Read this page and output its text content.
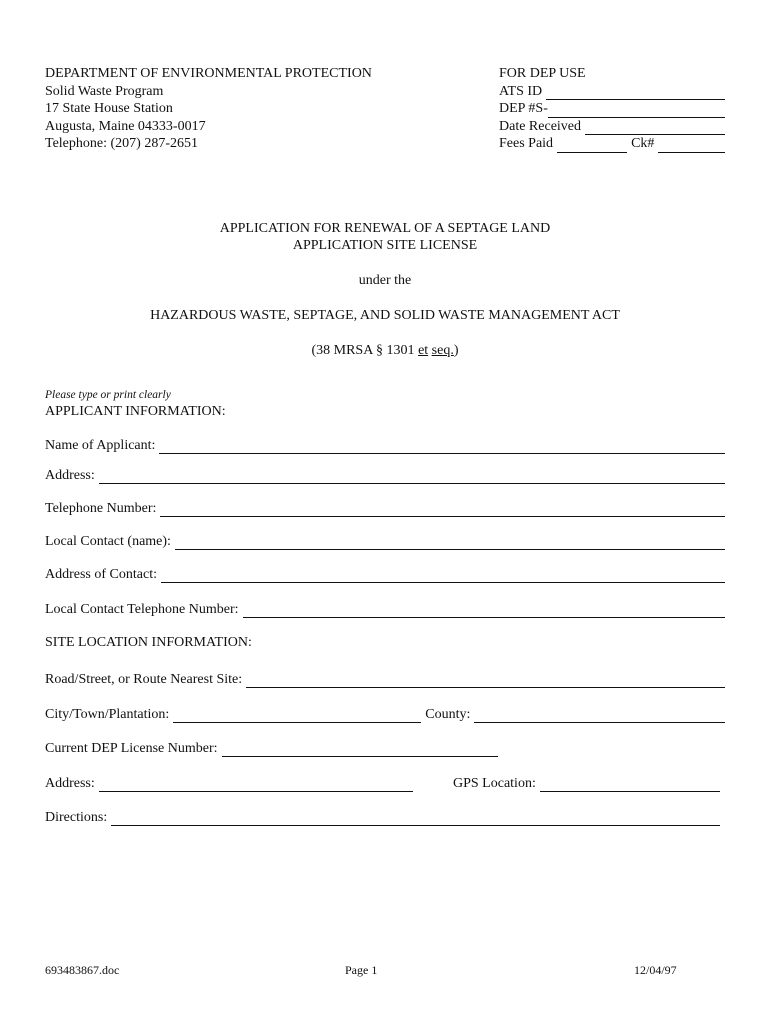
DEPARTMENT OF ENVIRONMENTAL PROTECTION
Solid Waste Program
17 State House Station
Augusta, Maine 04333-0017
Telephone: (207) 287-2651
FOR DEP USE
ATS ID
DEP #S-
Date Received
Fees Paid	Ck#
APPLICATION FOR RENEWAL OF A SEPTAGE LAND
APPLICATION SITE LICENSE
under the
HAZARDOUS WASTE, SEPTAGE, AND SOLID WASTE MANAGEMENT ACT
(38 MRSA § 1301 et seq.)
Please type or print clearly
APPLICANT INFORMATION:
Name of Applicant:
Address:
Telephone Number:
Local Contact (name):
Address of Contact:
Local Contact Telephone Number:
SITE LOCATION INFORMATION:
Road/Street, or Route Nearest Site:
City/Town/Plantation:	County:
Current DEP License Number:
Address:	GPS Location:
Directions:
693483867.doc	Page 1	12/04/97
